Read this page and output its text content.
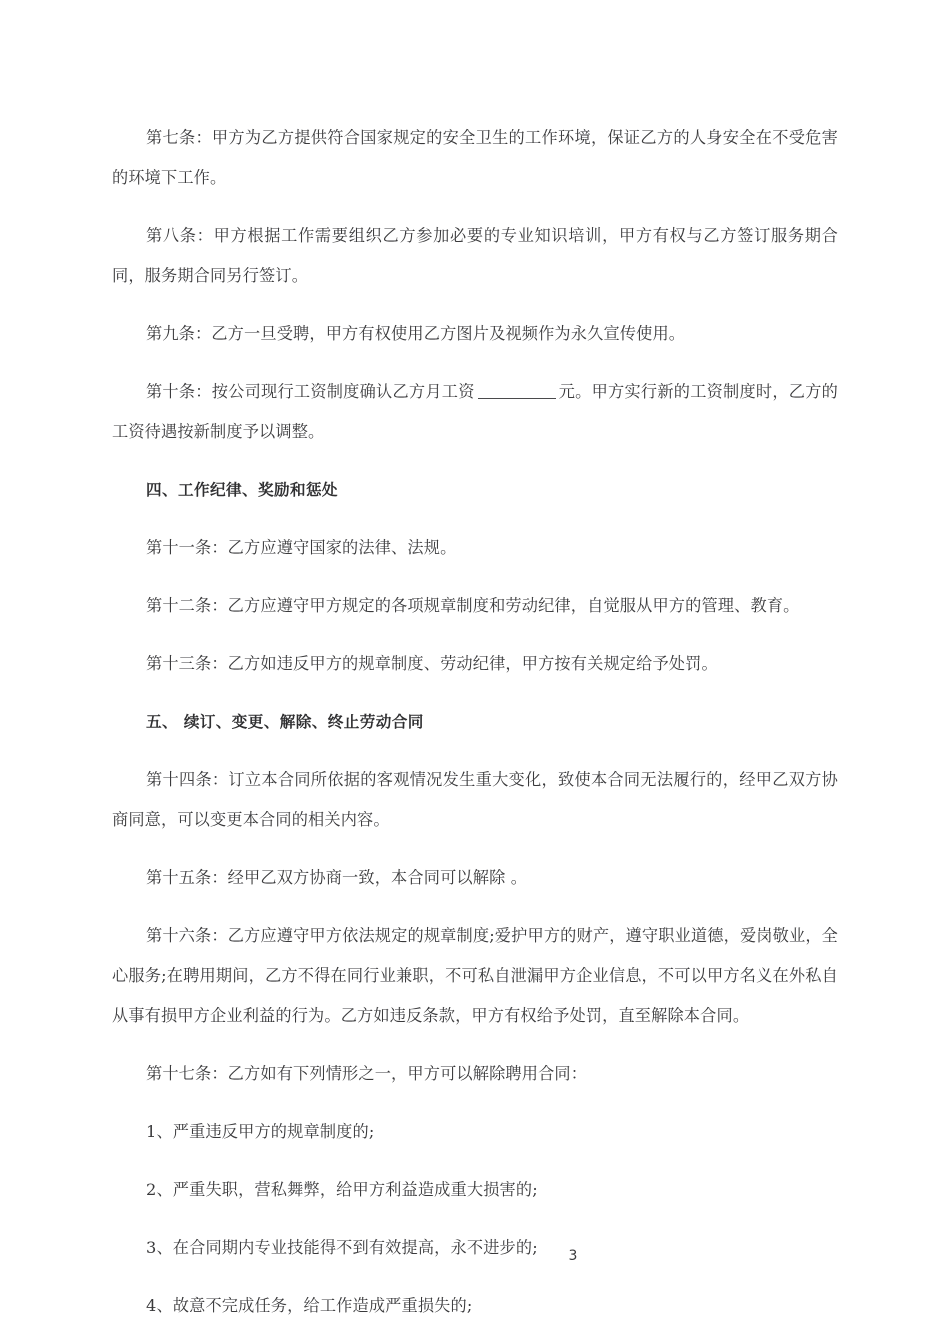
第七条：甲方为乙方提供符合国家规定的安全卫生的工作环境，保证乙方的人身安全在不受危害的环境下工作。

第八条：甲方根据工作需要组织乙方参加必要的专业知识培训，甲方有权与乙方签订服务期合同，服务期合同另行签订。

第九条：乙方一旦受聘，甲方有权使用乙方图片及视频作为永久宣传使用。

第十条：按公司现行工资制度确认乙方月工资	元。甲方实行新的工资制度时，乙方的工资待遇按新制度予以调整。

四、工作纪律、奖励和惩处

第十一条：乙方应遵守国家的法律、法规。

第十二条：乙方应遵守甲方规定的各项规章制度和劳动纪律，自觉服从甲方的管理、教育。

第十三条：乙方如违反甲方的规章制度、劳动纪律，甲方按有关规定给予处罚。

五、 续订、变更、解除、终止劳动合同

第十四条：订立本合同所依据的客观情况发生重大变化，致使本合同无法履行的，经甲乙双方协商同意，可以变更本合同的相关内容。

第十五条：经甲乙双方协商一致，本合同可以解除 。

第十六条：乙方应遵守甲方依法规定的规章制度;爱护甲方的财产，遵守职业道德，爱岗敬业，全心服务;在聘用期间，乙方不得在同行业兼职，不可私自泄漏甲方企业信息，不可以甲方名义在外私自从事有损甲方企业利益的行为。乙方如违反条款，甲方有权给予处罚，直至解除本合同。

第十七条：乙方如有下列情形之一，甲方可以解除聘用合同：

1、严重违反甲方的规章制度的;

2、严重失职，营私舞弊，给甲方利益造成重大损害的;

3、在合同期内专业技能得不到有效提高，永不进步的;

4、故意不完成任务，给工作造成严重损失的;

3
